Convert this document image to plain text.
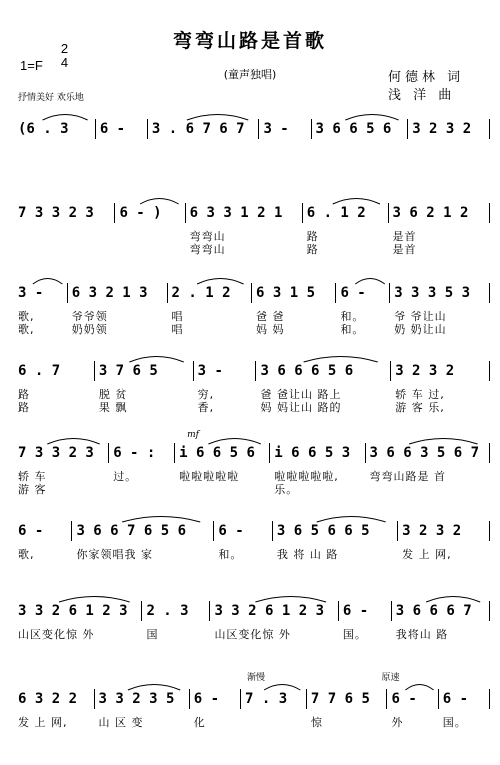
弯弯山路是首歌
(童声独唱)
1=F
2
4
抒情美好 欢乐地
何德林 词
浅 洋 曲
(6 . 3	6 -	3 . 6 7 6 7	3 -	3 6 6 5 6	3 2 3 2
7 3 3 2 3	6 - )	6 3 3 1 2 1	6 . 1 2	3 6 2 1 2
弯弯山	路	是首
弯弯山	路	是首
3 -	6 3 2 1 3	2 . 1 2	6 3 1 5	6 -	3 3 3 5 3
歌,	爷爷领	唱	爸 爸	和。	爷 爷让山
歌,	奶奶领	唱	妈 妈	和。	奶 奶让山
6 . 7	3 7 6 5	3 -	3 6 6 6 5 6	3 2 3 2
路	脱 贫	穷,	爸 爸让山 路上	轿 车 过,
路	果 飘	香,	妈 妈让山 路的	游 客 乐,
7 3 3 2 3	6 - :	i 6 6 5 6	i 6 6 5 3	3 6 6 3 5 6 7
mf
轿 车	过。	啦啦啦啦啦	啦啦啦啦啦,	弯弯山路是 首
游 客	乐。
6 -	3 6 6 7 6 5 6	6 -	3 6 5 6 6 5	3 2 3 2
歌,	你家领唱我 家	和。	我 将 山 路	发 上 网,
3 3 2 6 1 2 3	2 . 3	3 3 2 6 1 2 3	6 -	3 6 6 6 7
山区变化惊 外	国	山区变化惊 外	国。	我将山 路
6 3 2 2	3 3 2 3 5	6 -	7 . 3	7 7 6 5	6 -	6 -
渐慢	原速
发 上 网,	山 区 变	化	惊	外	国。
